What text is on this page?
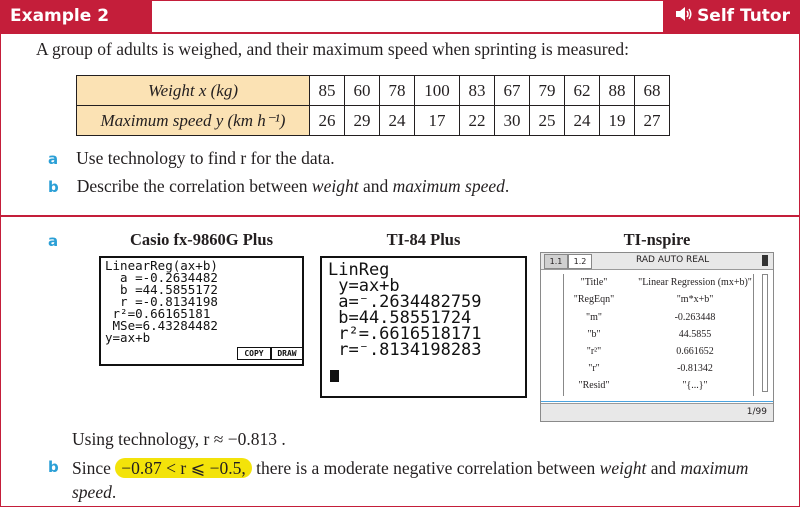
Example 2	Self Tutor
A group of adults is weighed, and their maximum speed when sprinting is measured:
Weight x (kg)	85	60	78	100	83	67	79	62	88	68
Maximum speed y (km h⁻¹)	26	29	24	17	22	30	25	24	19	27
a Use technology to find r for the data.
b Describe the correlation between weight and maximum speed.
a	Casio fx-9860G Plus
LinearReg(ax+b)
a =-0.2634482
b =44.5855172
r =-0.8134198
r²=0.66165181
MSe=6.43284482
y=ax+b
COPY	DRAW
TI-84 Plus
LinReg
y=ax+b
a=⁻.2634482759
b=44.58551724
r²=.6616518171
r=⁻.8134198283
TI-nspire
1.1	1.2	RAD AUTO REAL
"Title"	"Linear Regression (mx+b)"
"RegEqn"	"m*x+b"
"m"	-0.263448
"b"	44.5855
"r²"	0.661652
"r"	-0.81342
"Resid"	"{...}"
1/99
Using technology, r ≈ −0.813 .
b Since −0.87 < r ⩽ −0.5, there is a moderate negative correlation between weight and maximum speed.
